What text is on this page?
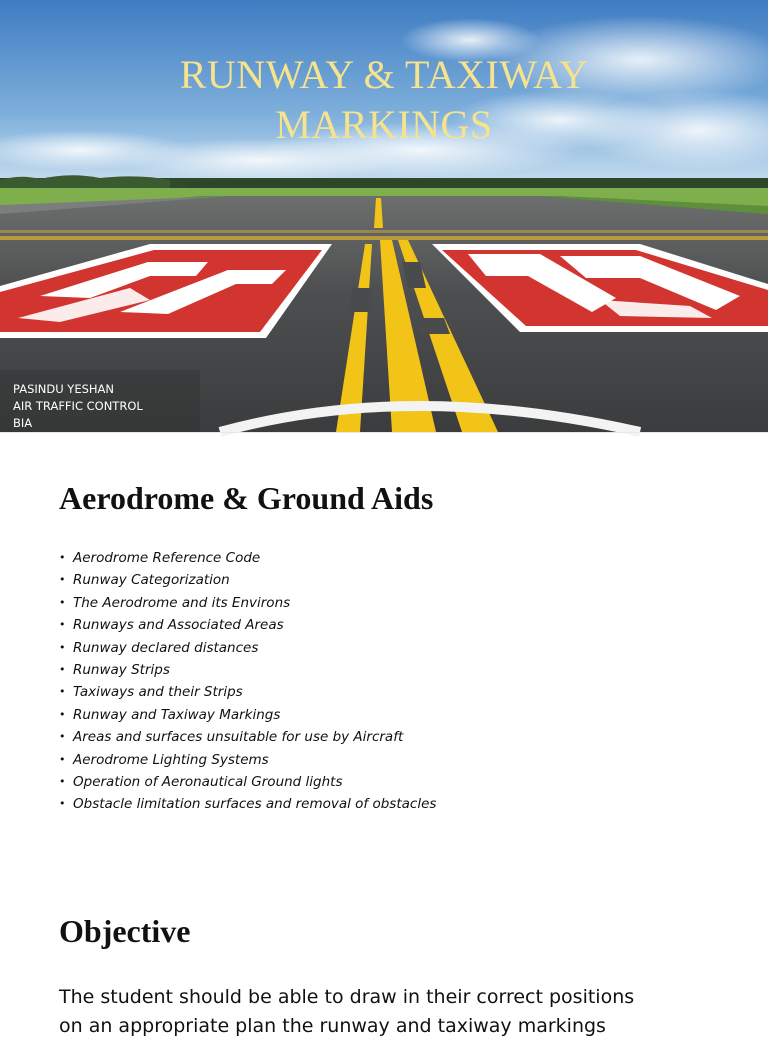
RUNWAY & TAXIWAY
MARKINGS
PASINDU YESHAN
AIR TRAFFIC CONTROL
BIA
Aerodrome & Ground Aids
• Aerodrome Reference Code
• Runway Categorization
• The Aerodrome and its Environs
• Runways and Associated Areas
• Runway declared distances
• Runway Strips
• Taxiways and their Strips
• Runway and Taxiway Markings
• Areas and surfaces unsuitable for use by Aircraft
• Aerodrome Lighting Systems
• Operation of Aeronautical Ground lights
• Obstacle limitation surfaces and removal of obstacles
Objective
The student should be able to draw in their correct positions
on an appropriate plan the runway and taxiway markings
